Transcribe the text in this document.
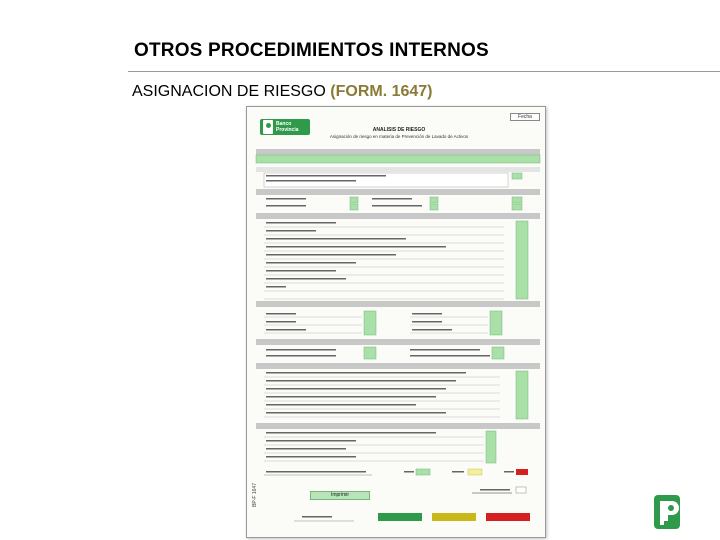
OTROS PROCEDIMIENTOS INTERNOS
ASIGNACION DE RIESGO (FORM. 1647)
Fecha
Banco
Provincia	ANALISIS DE RIESGO
Asignación de riesgo en materia de Prevención de Lavado de Activos
Imprimir
BP-F 1647
